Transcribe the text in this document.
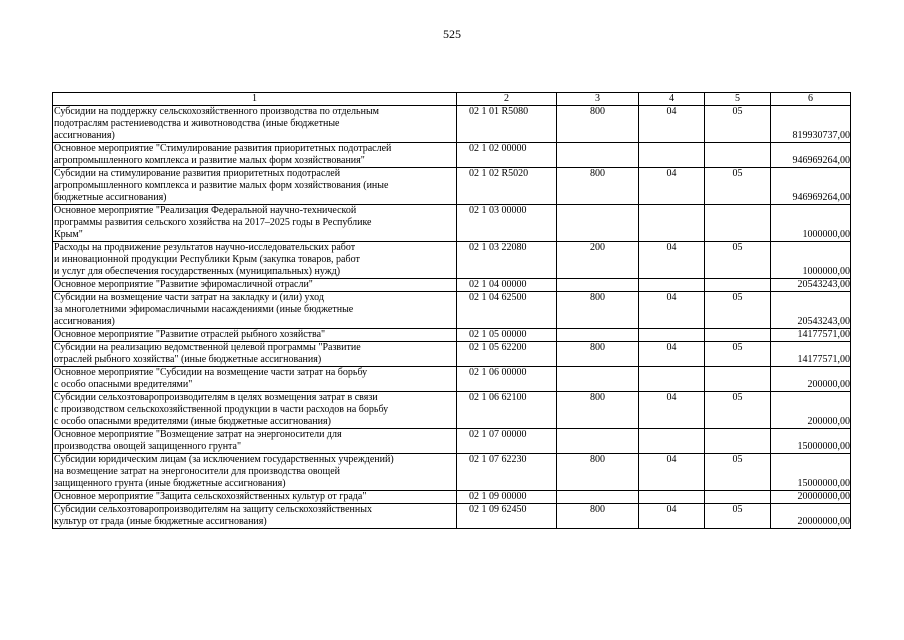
525
1	2	3	4	5	6
Субсидии на поддержку сельскохозяйственного производства по отдельным
подотраслям растениеводства и животноводства (иные бюджетные
ассигнования)	02 1 01 R5080	800	04	05	819930737,00
Основное мероприятие "Стимулирование развития приоритетных подотраслей
агропромышленного комплекса и развитие малых форм хозяйствования"	02 1 02 00000				946969264,00
Субсидии на стимулирование развития приоритетных подотраслей
агропромышленного комплекса и развитие малых форм хозяйствования (иные
бюджетные ассигнования)	02 1 02 R5020	800	04	05	946969264,00
Основное мероприятие "Реализация Федеральной научно-технической
программы развития сельского хозяйства на 2017–2025 годы в Республике
Крым"	02 1 03 00000				1000000,00
Расходы на продвижение результатов научно-исследовательских работ
и инновационной продукции Республики Крым (закупка товаров, работ
и услуг для обеспечения государственных (муниципальных) нужд)	02 1 03 22080	200	04	05	1000000,00
Основное мероприятие "Развитие эфиромасличной отрасли"	02 1 04 00000				20543243,00
Субсидии на возмещение части затрат на закладку и (или) уход
за многолетними эфиромасличными насаждениями (иные бюджетные
ассигнования)	02 1 04 62500	800	04	05	20543243,00
Основное мероприятие "Развитие отраслей рыбного хозяйства"	02 1 05 00000				14177571,00
Субсидии на реализацию ведомственной целевой программы "Развитие
отраслей рыбного хозяйства" (иные бюджетные ассигнования)	02 1 05 62200	800	04	05	14177571,00
Основное мероприятие "Субсидии на возмещение части затрат на борьбу
с особо опасными вредителями"	02 1 06 00000				200000,00
Субсидии сельхозтоваропроизводителям в целях возмещения затрат в связи
с производством сельскохозяйственной продукции в части расходов на борьбу
с особо опасными вредителями (иные бюджетные ассигнования)	02 1 06 62100	800	04	05	200000,00
Основное мероприятие "Возмещение затрат на энергоносители для
производства овощей защищенного грунта"	02 1 07 00000				15000000,00
Субсидии юридическим лицам (за исключением государственных учреждений)
на возмещение затрат на энергоносители для производства овощей
защищенного грунта (иные бюджетные ассигнования)	02 1 07 62230	800	04	05	15000000,00
Основное мероприятие "Защита сельскохозяйственных культур от града"	02 1 09 00000				20000000,00
Субсидии сельхозтоваропроизводителям на защиту сельскохозяйственных
культур от града (иные бюджетные ассигнования)	02 1 09 62450	800	04	05	20000000,00
